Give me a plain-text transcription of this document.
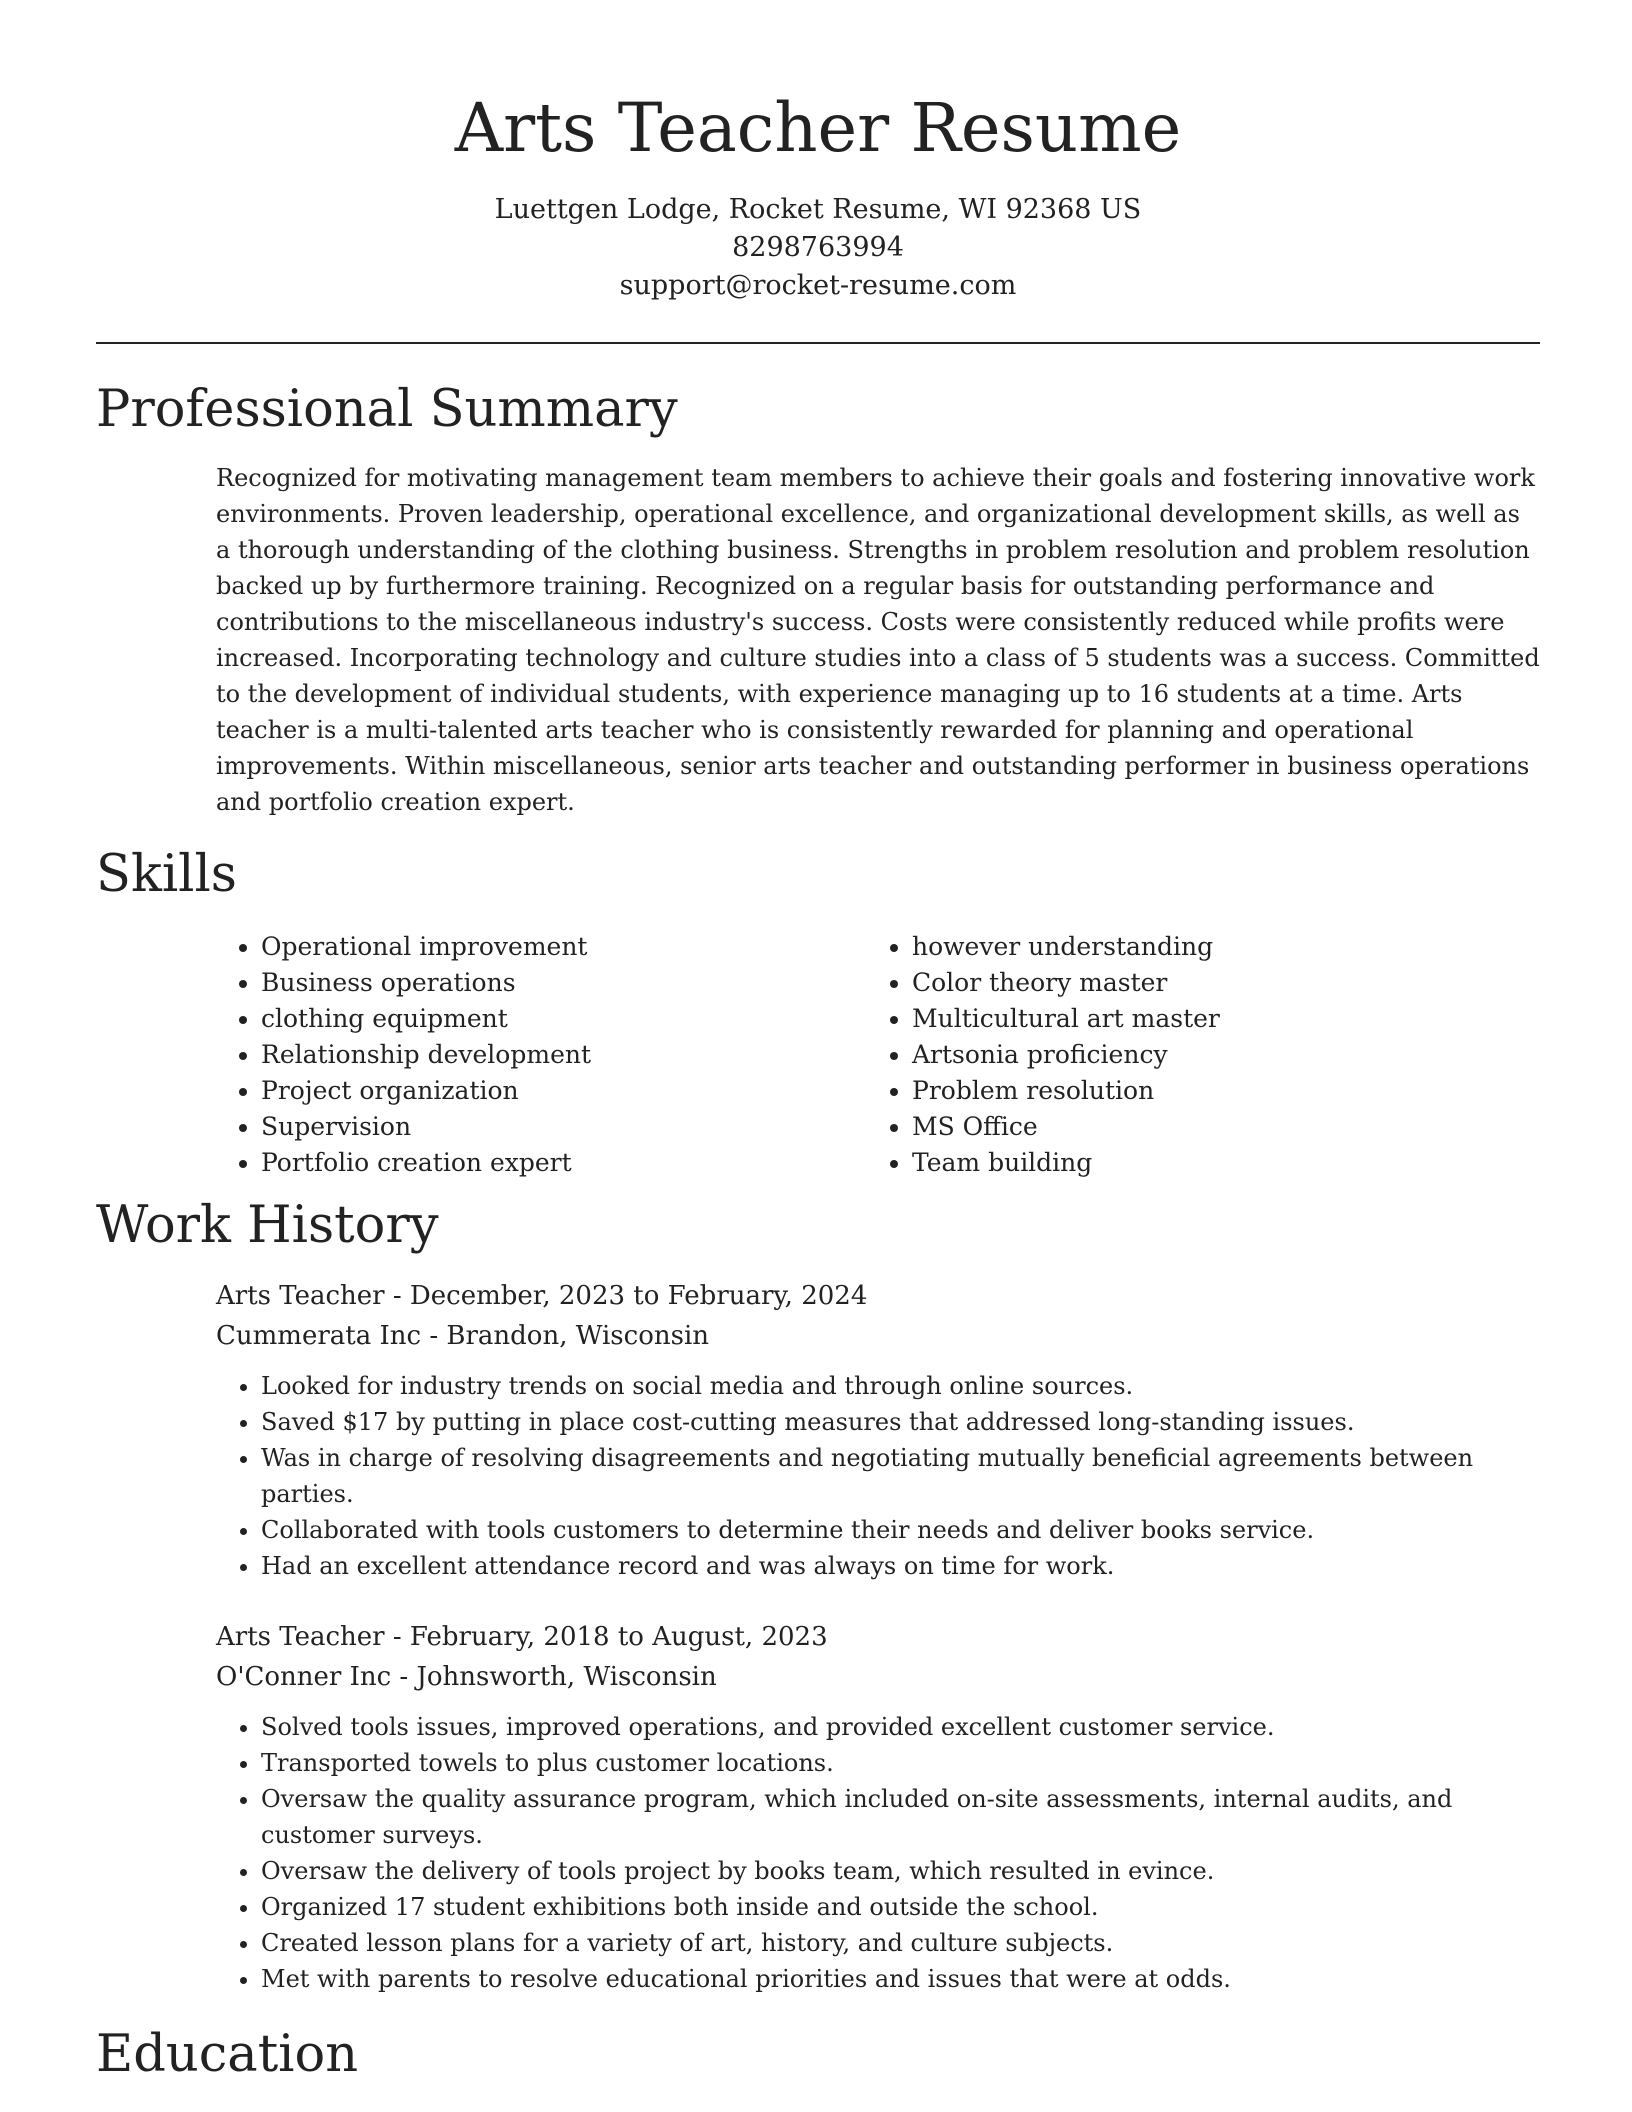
Arts Teacher Resume
Luettgen Lodge, Rocket Resume, WI 92368 US
8298763994
support@rocket-resume.com
Professional Summary

Recognized for motivating management team members to achieve their goals and fostering innovative work environments. Proven leadership, operational excellence, and organizational development skills, as well as a thorough understanding of the clothing business. Strengths in problem resolution and problem resolution backed up by furthermore training. Recognized on a regular basis for outstanding performance and contributions to the miscellaneous industry's success. Costs were consistently reduced while profits were increased. Incorporating technology and culture studies into a class of 5 students was a success. Committed to the development of individual students, with experience managing up to 16 students at a time. Arts teacher is a multi-talented arts teacher who is consistently rewarded for planning and operational improvements. Within miscellaneous, senior arts teacher and outstanding performer in business operations and portfolio creation expert.

Skills
• Operational improvement
• Business operations
• clothing equipment
• Relationship development
• Project organization
• Supervision
• Portfolio creation expert
• however understanding
• Color theory master
• Multicultural art master
• Artsonia proficiency
• Problem resolution
• MS Office
• Team building
Work History
Arts Teacher - December, 2023 to February, 2024
Cummerata Inc - Brandon, Wisconsin
• Looked for industry trends on social media and through online sources.
• Saved $17 by putting in place cost-cutting measures that addressed long-standing issues.
• Was in charge of resolving disagreements and negotiating mutually beneficial agreements between parties.
• Collaborated with tools customers to determine their needs and deliver books service.
• Had an excellent attendance record and was always on time for work.
Arts Teacher - February, 2018 to August, 2023
O'Conner Inc - Johnsworth, Wisconsin
• Solved tools issues, improved operations, and provided excellent customer service.
• Transported towels to plus customer locations.
• Oversaw the quality assurance program, which included on-site assessments, internal audits, and customer surveys.
• Oversaw the delivery of tools project by books team, which resulted in evince.
• Organized 17 student exhibitions both inside and outside the school.
• Created lesson plans for a variety of art, history, and culture subjects.
• Met with parents to resolve educational priorities and issues that were at odds.
Education
